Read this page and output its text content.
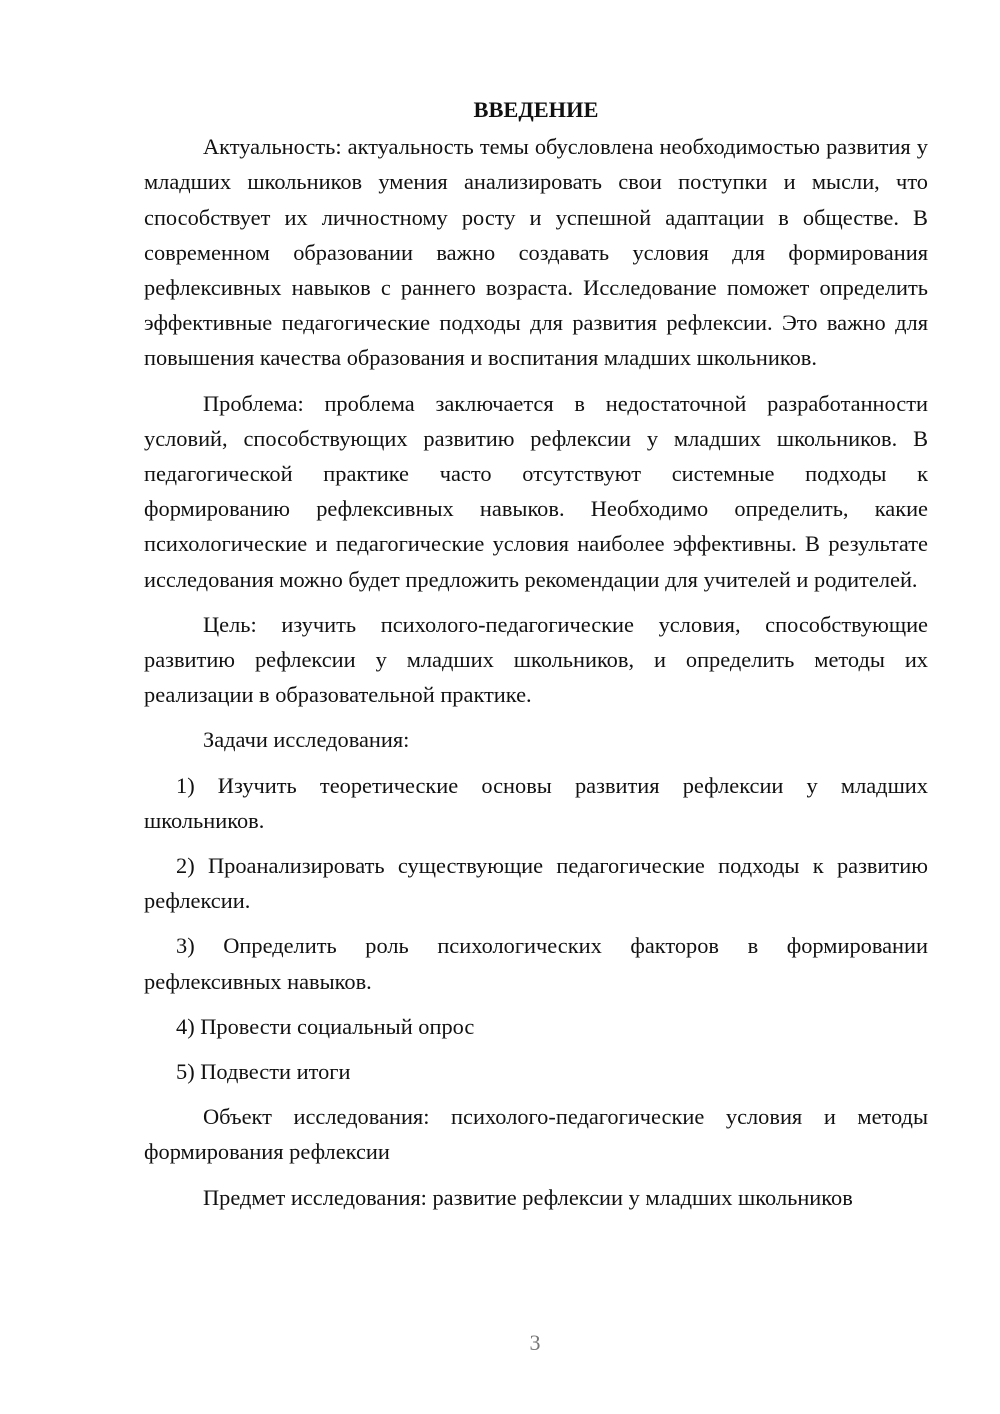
ВВЕДЕНИЕ

Актуальность: актуальность темы обусловлена необходимостью развития у младших школьников умения анализировать свои поступки и мысли, что способствует их личностному росту и успешной адаптации в обществе. В современном образовании важно создавать условия для формирования рефлексивных навыков с раннего возраста. Исследование поможет определить эффективные педагогические подходы для развития рефлексии. Это важно для повышения качества образования и воспитания младших школьников.

Проблема: проблема заключается в недостаточной разработанности условий, способствующих развитию рефлексии у младших школьников. В педагогической практике часто отсутствуют системные подходы к формированию рефлексивных навыков. Необходимо определить, какие психологические и педагогические условия наиболее эффективны. В результате исследования можно будет предложить рекомендации для учителей и родителей.

Цель: изучить психолого-педагогические условия, способствующие развитию рефлексии у младших школьников, и определить методы их реализации в образовательной практике.

Задачи исследования:

1) Изучить теоретические основы развития рефлексии у младших школьников.

2) Проанализировать существующие педагогические подходы к развитию рефлексии.

3) Определить роль психологических факторов в формировании рефлексивных навыков.

4) Провести социальный опрос

5) Подвести итоги

Объект исследования: психолого-педагогические условия и методы формирования рефлексии

Предмет исследования: развитие рефлексии у младших школьников

3
